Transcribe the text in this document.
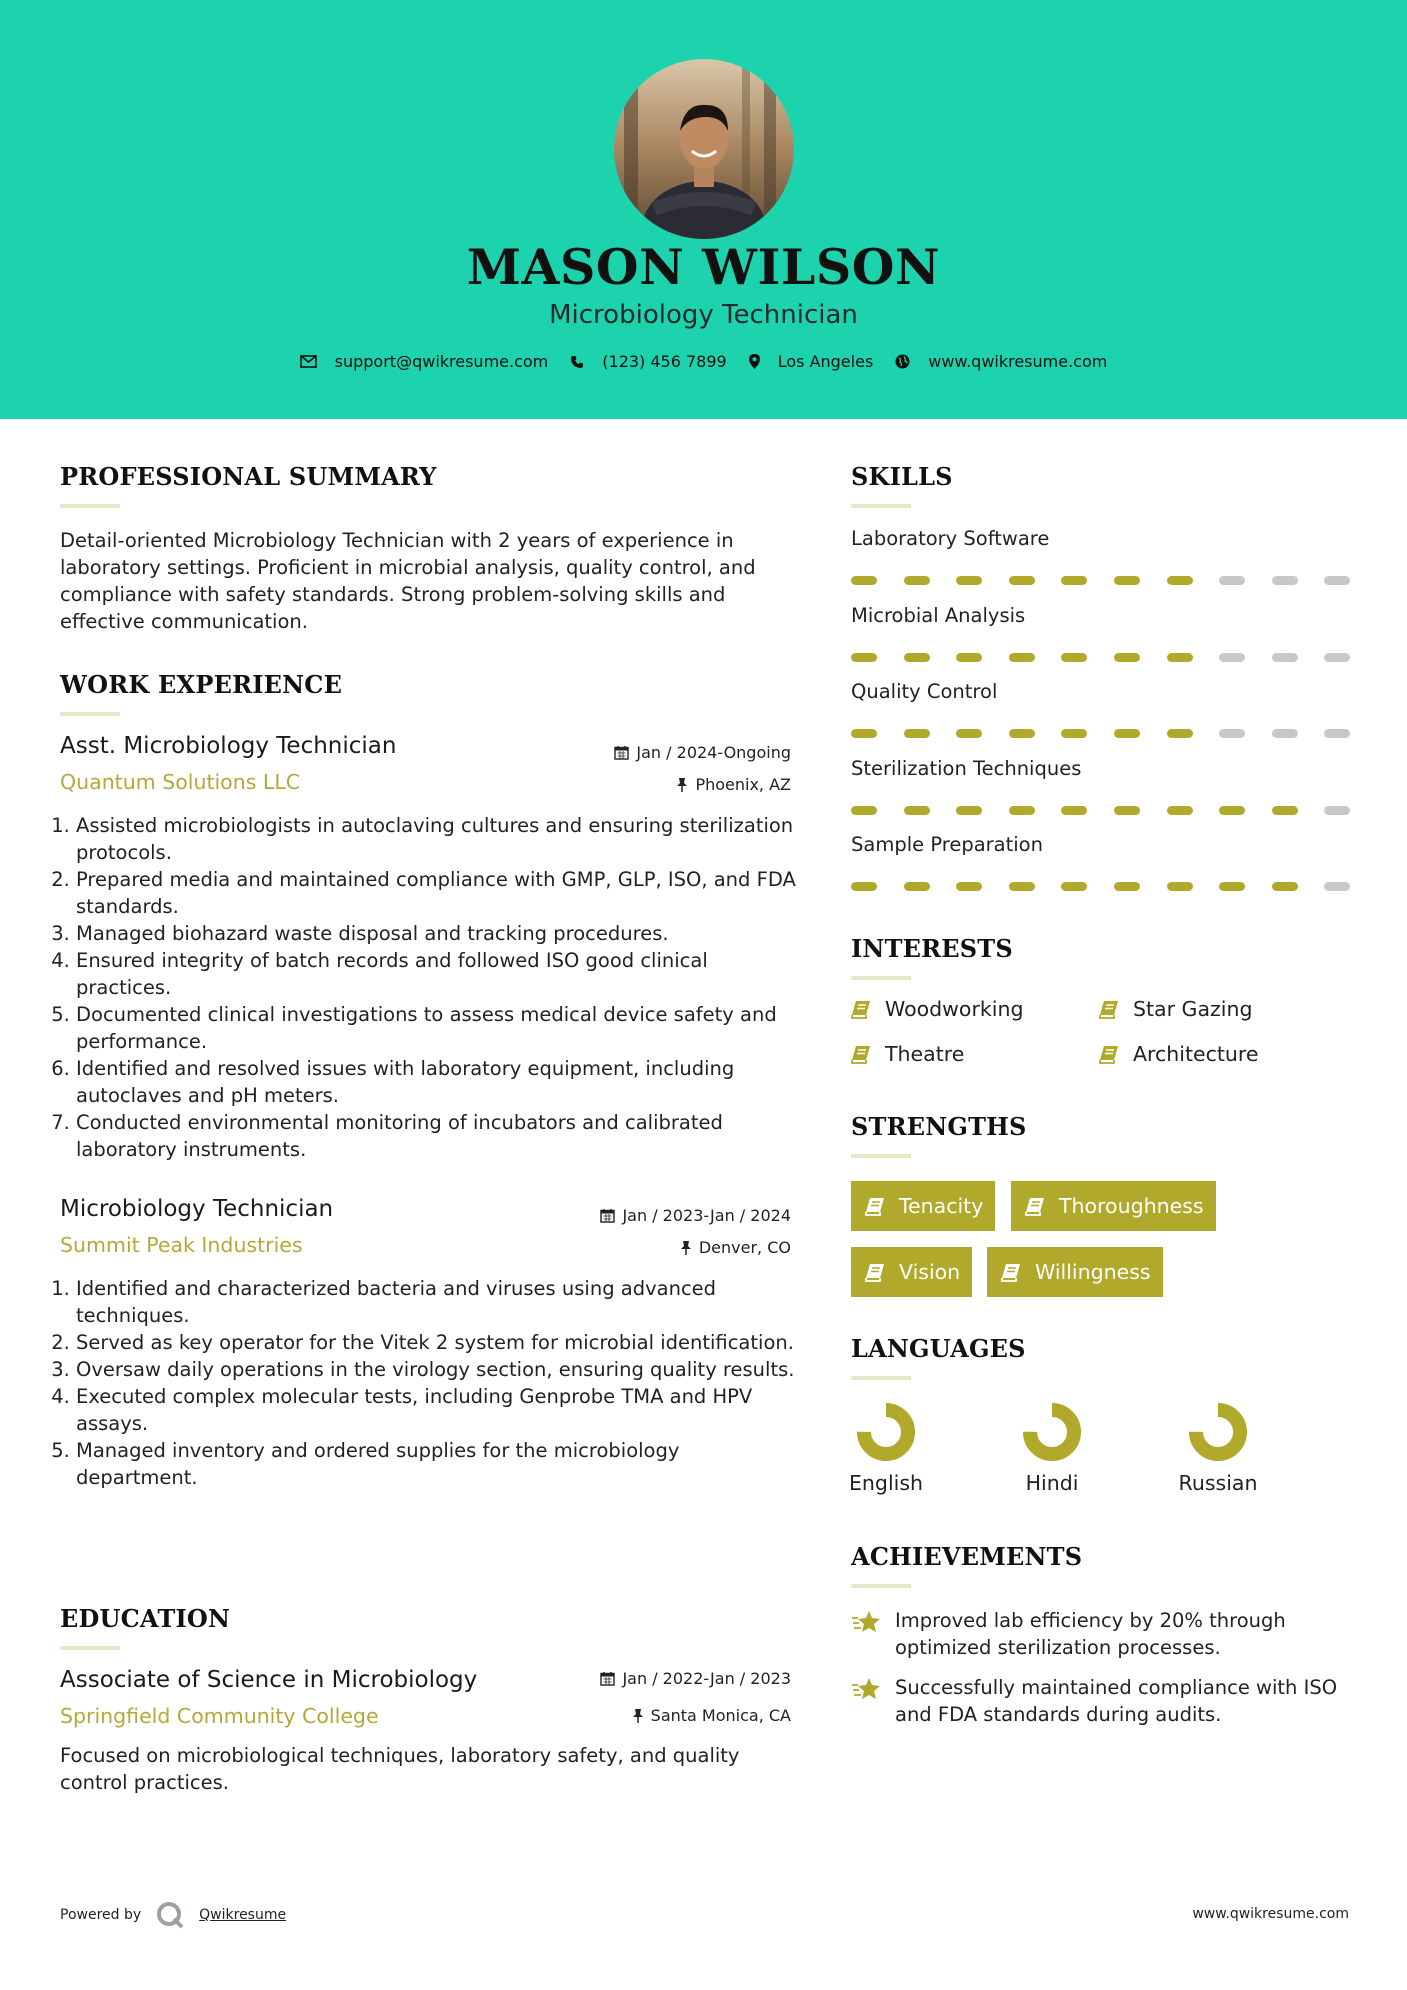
MASON WILSON
Microbiology Technician
support@qwikresume.com	(123) 456 7899	Los Angeles	www.qwikresume.com
PROFESSIONAL SUMMARY
Detail-oriented Microbiology Technician with 2 years of experience in laboratory settings. Proficient in microbial analysis, quality control, and compliance with safety standards. Strong problem-solving skills and effective communication.
WORK EXPERIENCE
Asst. Microbiology Technician	Jan / 2024-Ongoing
Quantum Solutions LLC	Phoenix, AZ
1. Assisted microbiologists in autoclaving cultures and ensuring sterilization protocols.
2. Prepared media and maintained compliance with GMP, GLP, ISO, and FDA standards.
3. Managed biohazard waste disposal and tracking procedures.
4. Ensured integrity of batch records and followed ISO good clinical practices.
5. Documented clinical investigations to assess medical device safety and performance.
6. Identified and resolved issues with laboratory equipment, including autoclaves and pH meters.
7. Conducted environmental monitoring of incubators and calibrated laboratory instruments.
Microbiology Technician	Jan / 2023-Jan / 2024
Summit Peak Industries	Denver, CO
1. Identified and characterized bacteria and viruses using advanced techniques.
2. Served as key operator for the Vitek 2 system for microbial identification.
3. Oversaw daily operations in the virology section, ensuring quality results.
4. Executed complex molecular tests, including Genprobe TMA and HPV assays.
5. Managed inventory and ordered supplies for the microbiology department.
EDUCATION
Associate of Science in Microbiology	Jan / 2022-Jan / 2023
Springfield Community College	Santa Monica, CA
Focused on microbiological techniques, laboratory safety, and quality control practices.
SKILLS
Laboratory Software
Microbial Analysis
Quality Control
Sterilization Techniques
Sample Preparation
INTERESTS
Woodworking	Star Gazing
Theatre	Architecture
STRENGTHS
Tenacity	Thoroughness
Vision	Willingness
LANGUAGES
English	Hindi	Russian
ACHIEVEMENTS
Improved lab efficiency by 20% through optimized sterilization processes.
Successfully maintained compliance with ISO and FDA standards during audits.
Powered by	Qwikresume	www.qwikresume.com
